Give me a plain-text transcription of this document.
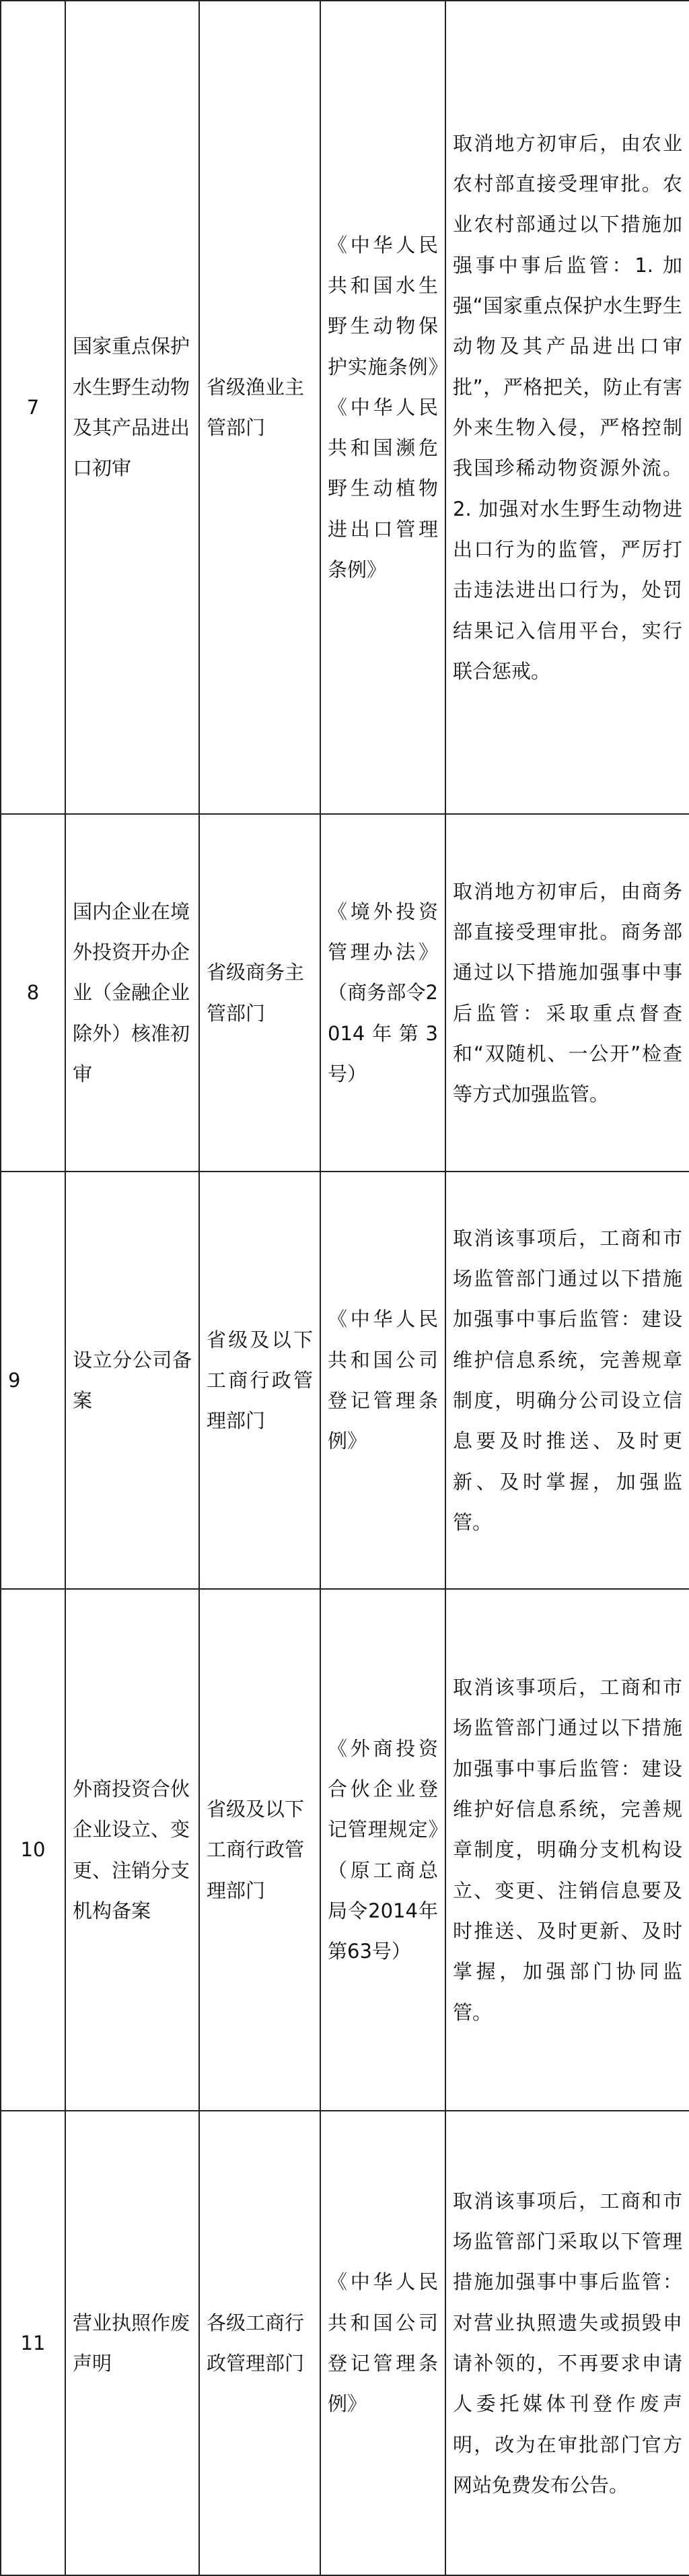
7	国家重点保护水生野生动物及其产品进出口初审	省级渔业主管部门	《中华人民共和国水生野生动物保护实施条例》《中华人民共和国濒危野生动植物进出口管理条例》	取消地方初审后，由农业农村部直接受理审批。农业农村部通过以下措施加强事中事后监管：1. 加强“国家重点保护水生野生动物及其产品进出口审批”，严格把关，防止有害外来生物入侵，严格控制我国珍稀动物资源外流。2. 加强对水生野生动物进出口行为的监管，严厉打击违法进出口行为，处罚结果记入信用平台，实行联合惩戒。
8	国内企业在境外投资开办企业（金融企业除外）核准初审	省级商务主管部门	《境外投资管理办法》（商务部令2014年第3号）	取消地方初审后，由商务部直接受理审批。商务部通过以下措施加强事中事后监管：采取重点督查和“双随机、一公开”检查等方式加强监管。
9	设立分公司备案	省级及以下工商行政管理部门	《中华人民共和国公司登记管理条例》	取消该事项后，工商和市场监管部门通过以下措施加强事中事后监管：建设维护信息系统，完善规章制度，明确分公司设立信息要及时推送、及时更新、及时掌握，加强监管。
10	外商投资合伙企业设立、变更、注销分支机构备案	省级及以下工商行政管理部门	《外商投资合伙企业登记管理规定》（原工商总局令2014年第63号）	取消该事项后，工商和市场监管部门通过以下措施加强事中事后监管：建设维护好信息系统，完善规章制度，明确分支机构设立、变更、注销信息要及时推送、及时更新、及时掌握，加强部门协同监管。
11	营业执照作废声明	各级工商行政管理部门	《中华人民共和国公司登记管理条例》	取消该事项后，工商和市场监管部门采取以下管理措施加强事中事后监管：对营业执照遗失或损毁申请补领的，不再要求申请人委托媒体刊登作废声明，改为在审批部门官方网站免费发布公告。
